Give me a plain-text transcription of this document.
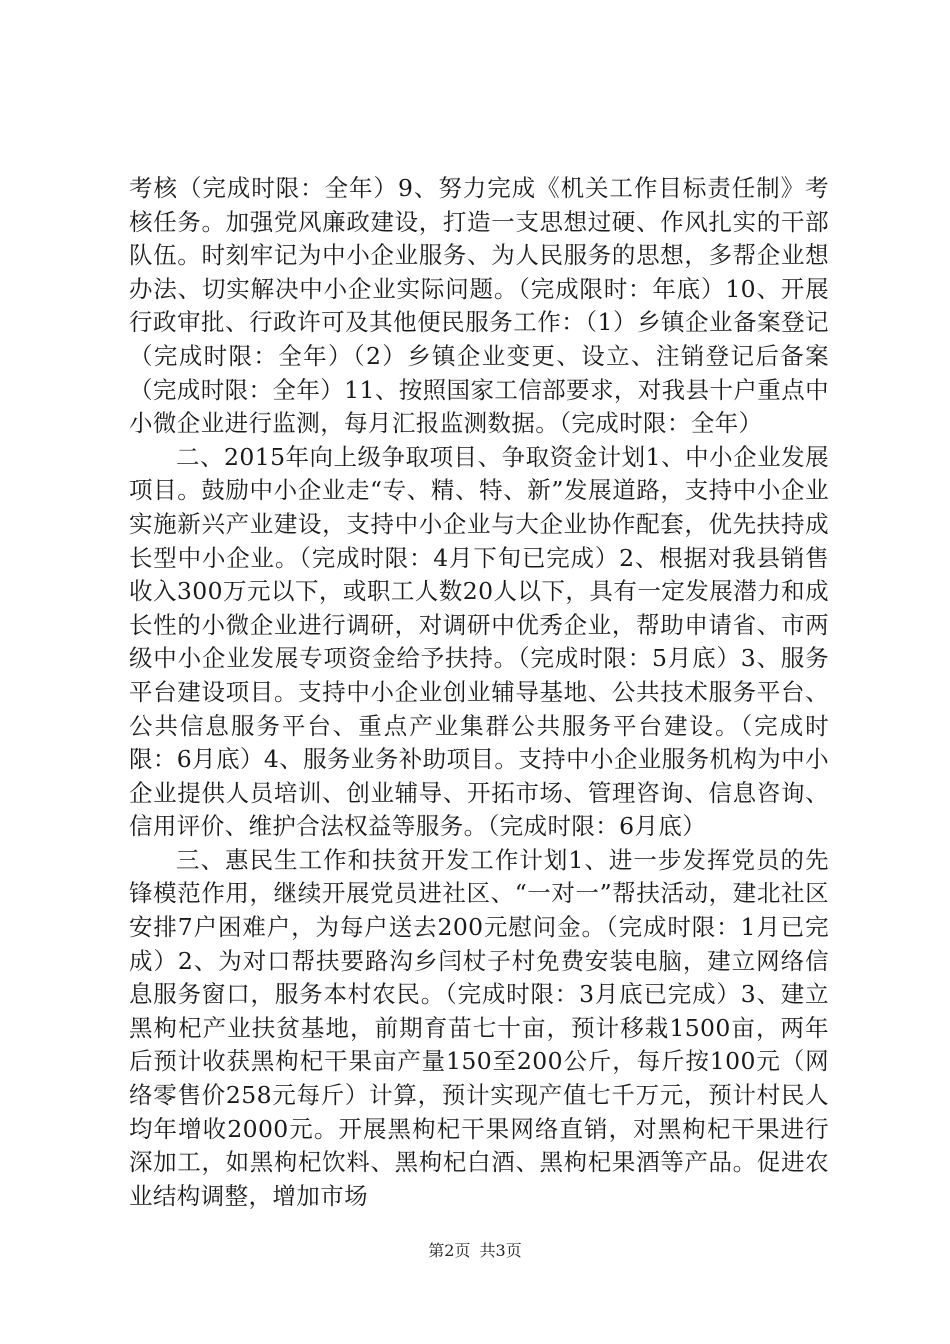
考核（完成时限：全年）9、努力完成《机关工作目标责任制》考核任务。加强党风廉政建设，打造一支思想过硬、作风扎实的干部队伍。时刻牢记为中小企业服务、为人民服务的思想，多帮企业想办法、切实解决中小企业实际问题。（完成限时：年底）10、开展行政审批、行政许可及其他便民服务工作：（1）乡镇企业备案登记（完成时限：全年）（2）乡镇企业变更、设立、注销登记后备案（完成时限：全年）11、按照国家工信部要求，对我县十户重点中小微企业进行监测，每月汇报监测数据。（完成时限：全年）

二、2015年向上级争取项目、争取资金计划1、中小企业发展项目。鼓励中小企业走“专、精、特、新”发展道路，支持中小企业实施新兴产业建设，支持中小企业与大企业协作配套，优先扶持成长型中小企业。（完成时限：4月下旬已完成）2、根据对我县销售收入300万元以下，或职工人数20人以下，具有一定发展潜力和成长性的小微企业进行调研，对调研中优秀企业，帮助申请省、市两级中小企业发展专项资金给予扶持。（完成时限：5月底）3、服务平台建设项目。支持中小企业创业辅导基地、公共技术服务平台、公共信息服务平台、重点产业集群公共服务平台建设。（完成时限：6月底）4、服务业务补助项目。支持中小企业服务机构为中小企业提供人员培训、创业辅导、开拓市场、管理咨询、信息咨询、信用评价、维护合法权益等服务。（完成时限：6月底）

三、惠民生工作和扶贫开发工作计划1、进一步发挥党员的先锋模范作用，继续开展党员进社区、“一对一”帮扶活动，建北社区安排7户困难户，为每户送去200元慰问金。（完成时限：1月已完成）2、为对口帮扶要路沟乡闫杖子村免费安装电脑，建立网络信息服务窗口，服务本村农民。（完成时限：3月底已完成）3、建立黑枸杞产业扶贫基地，前期育苗七十亩，预计移栽1500亩，两年后预计收获黑枸杞干果亩产量150至200公斤，每斤按100元（网络零售价258元每斤）计算，预计实现产值七千万元，预计村民人均年增收2000元。开展黑枸杞干果网络直销，对黑枸杞干果进行深加工，如黑枸杞饮料、黑枸杞白酒、黑枸杞果酒等产品。促进农业结构调整，增加市场

第2页 共3页
